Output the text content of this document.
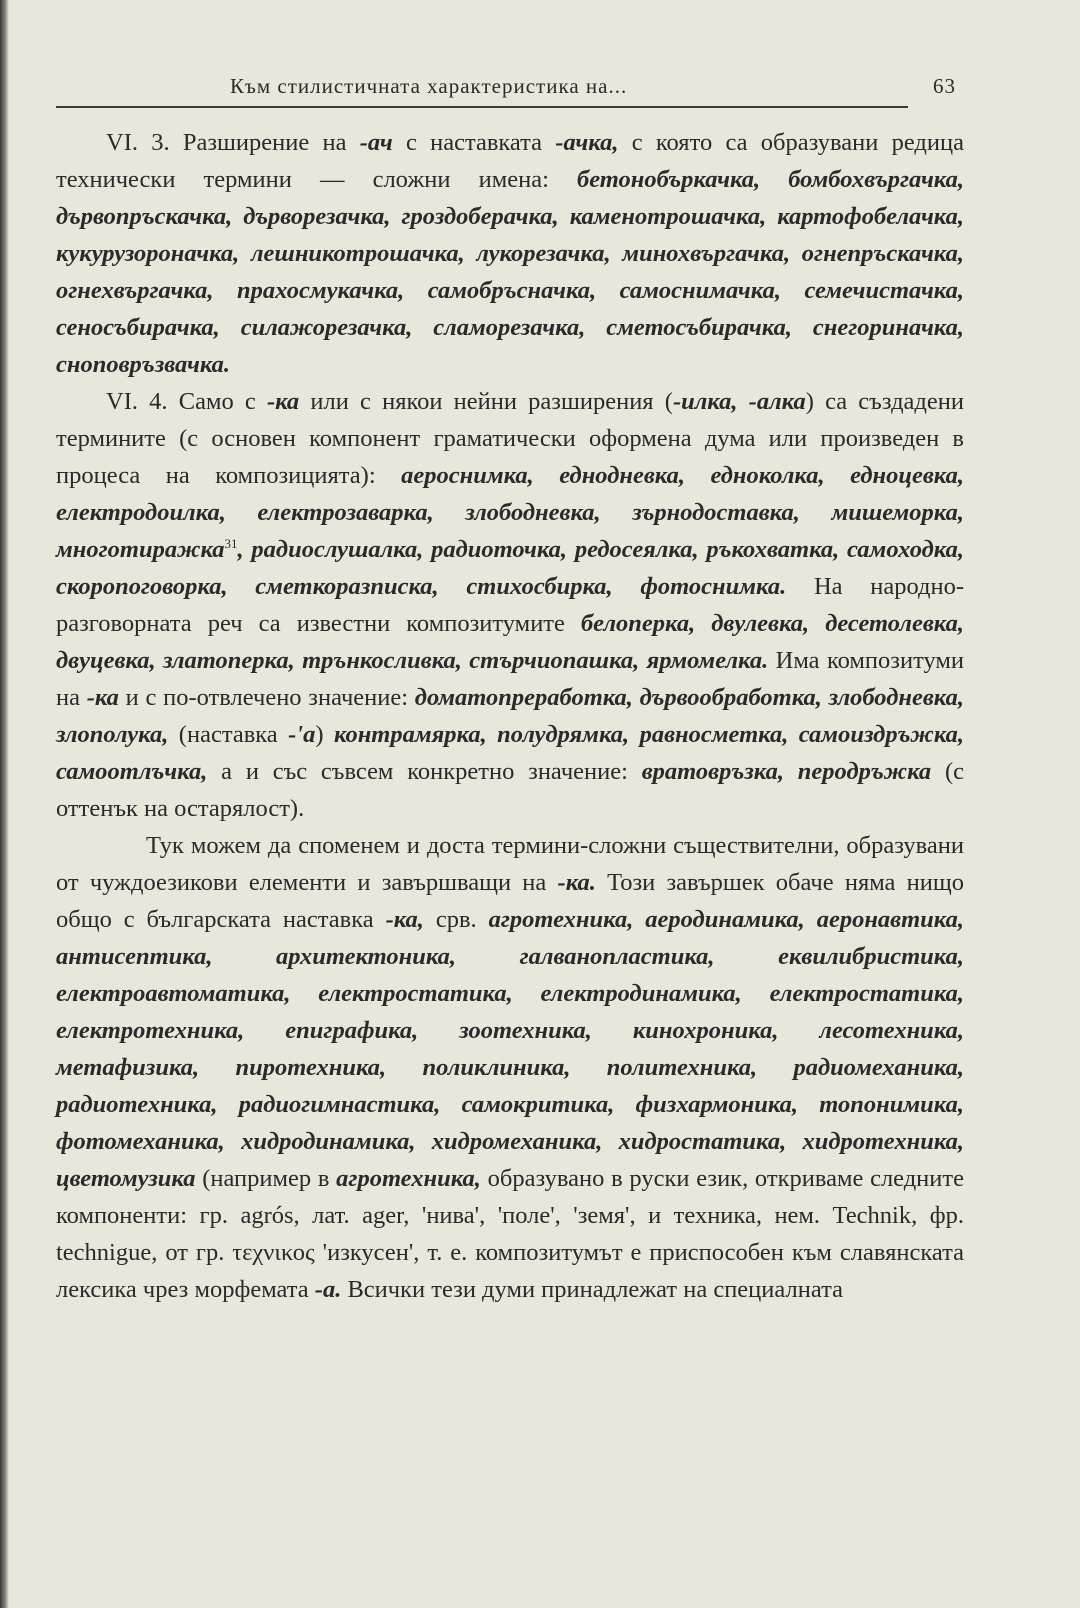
Към стилистичната характеристика на...	63

VI. 3. Разширение на -ач с наставката -ачка, с която са образувани редица технически термини — сложни имена: бетонобъркачка, бомбохвъргачка, дървопръскачка, дърворезачка, гроздоберачка, каменотрошачка, картофобелачка, кукурузороначка, лешникотрошачка, лукорезачка, минохвъргачка, огнепръскачка, огнехвъргачка, прахосмукачка, самобръсначка, самоснимачка, семечистачка, сеносъбирачка, силажорезачка, сламорезачка, сметосъбирачка, снегориначка, сноповръзвачка.

VI. 4. Само с -ка или с някои нейни разширения (-илка, -алка) са създадени термините (с основен компонент граматически оформена дума или произведен в процеса на композицията): аероснимка, еднодневка, едноколка, едноцевка, електродоилка, електрозаварка, злободневка, зърнодоставка, мишеморка, многотиражка$^{31}$, радиослушалка, радиоточка, редосеялка, ръкохватка, самоходка, скоропоговорка, сметкоразписка, стихосбирка, фотоснимка. На народно-разговорната реч са известни композитумите белоперка, двулевка, десетолевка, двуцевка, златоперка, трънкосливка, стърчиопашка, ярмомелка. Има композитуми на -ка и с по-отвлечено значение: доматопреработка, дървообработка, злободневка, злополука, (наставка -'а) контрамярка, полудрямка, равносметка, самоиздръжка, самоотлъчка, а и със съвсем конкретно значение: вратовръзка, перодръжка (с оттенък на остарялост).

Тук можем да споменем и доста термини-сложни съществителни, образувани от чуждоезикови елементи и завършващи на -ка. Този завършек обаче няма нищо общо с българската наставка -ка, срв. агротехника, аеродинамика, аеронавтика, антисептика, архитектоника, галванопластика, еквилибристика, електроавтоматика, електростатика, електродинамика, електростатика, електротехника, епиграфика, зоотехника, кинохроника, лесотехника, метафизика, пиротехника, поликлиника, политехника, радиомеханика, радиотехника, радиогимнастика, самокритика, физхармоника, топонимика, фотомеханика, хидродинамика, хидромеханика, хидростатика, хидротехника, цветомузика (например в агротехника, образувано в руски език, откриваме следните компоненти: гр. agrós, лат. ager, 'нива', 'поле', 'земя', и техника, нем. Technik, фр. technigue, от гр. τεχνικος 'изкусен', т. е. композитумът е приспособен към славянската лексика чрез морфемата -а. Всички тези думи принадлежат на специалната
